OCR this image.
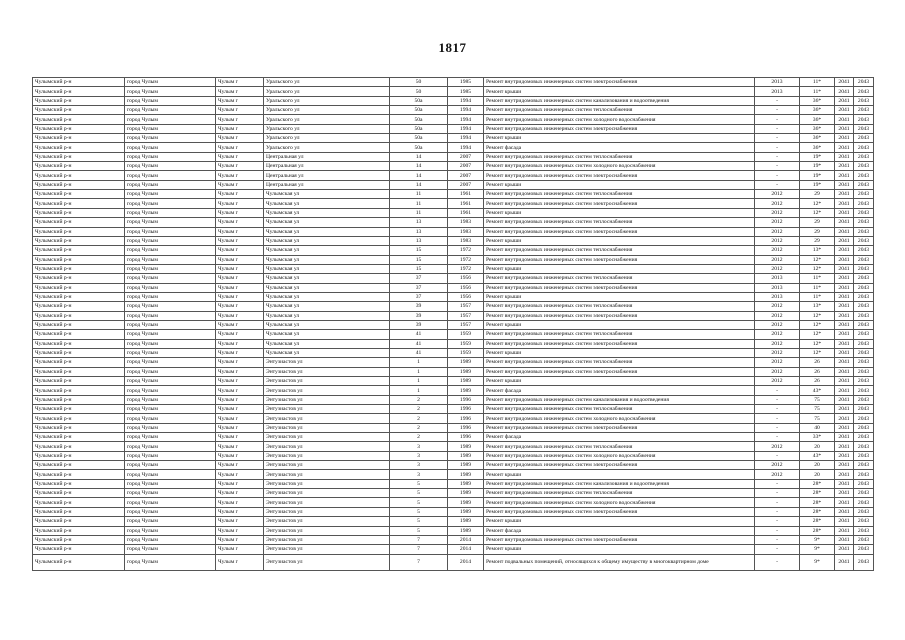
1817
Чулымский р-н	город Чулым	Чулым г	Уральского ул	50	1985	Ремонт внутридомовых инженерных систем электроснабжения	2013	11*	2041	2043
Чулымский р-н	город Чулым	Чулым г	Уральского ул	50	1985	Ремонт крыши	2013	11*	2041	2043
Чулымский р-н	город Чулым	Чулым г	Уральского ул	50а	1994	Ремонт внутридомовых инженерных систем канализования и водоотведения	-	36*	2041	2043
Чулымский р-н	город Чулым	Чулым г	Уральского ул	50а	1994	Ремонт внутридомовых инженерных систем теплоснабжения	-	36*	2041	2043
Чулымский р-н	город Чулым	Чулым г	Уральского ул	50а	1994	Ремонт внутридомовых инженерных систем холодного водоснабжения	-	36*	2041	2043
Чулымский р-н	город Чулым	Чулым г	Уральского ул	50а	1994	Ремонт внутридомовых инженерных систем электроснабжения	-	36*	2041	2043
Чулымский р-н	город Чулым	Чулым г	Уральского ул	50а	1994	Ремонт крыши	-	36*	2041	2043
Чулымский р-н	город Чулым	Чулым г	Уральского ул	50а	1994	Ремонт фасада	-	36*	2041	2043
Чулымский р-н	город Чулым	Чулым г	Центральная ул	14	2007	Ремонт внутридомовых инженерных систем теплоснабжения	-	19*	2041	2043
Чулымский р-н	город Чулым	Чулым г	Центральная ул	14	2007	Ремонт внутридомовых инженерных систем холодного водоснабжения	-	19*	2041	2043
Чулымский р-н	город Чулым	Чулым г	Центральная ул	14	2007	Ремонт внутридомовых инженерных систем электроснабжения	-	19*	2041	2043
Чулымский р-н	город Чулым	Чулым г	Центральная ул	14	2007	Ремонт крыши	-	19*	2041	2043
Чулымский р-н	город Чулым	Чулым г	Чулымская ул	11	1961	Ремонт внутридомовых инженерных систем теплоснабжения	2012	29	2041	2043
Чулымский р-н	город Чулым	Чулым г	Чулымская ул	11	1961	Ремонт внутридомовых инженерных систем электроснабжения	2012	12*	2041	2043
Чулымский р-н	город Чулым	Чулым г	Чулымская ул	11	1961	Ремонт крыши	2012	12*	2041	2043
Чулымский р-н	город Чулым	Чулым г	Чулымская ул	13	1983	Ремонт внутридомовых инженерных систем теплоснабжения	2012	29	2041	2043
Чулымский р-н	город Чулым	Чулым г	Чулымская ул	13	1983	Ремонт внутридомовых инженерных систем электроснабжения	2012	29	2041	2043
Чулымский р-н	город Чулым	Чулым г	Чулымская ул	13	1983	Ремонт крыши	2012	29	2041	2043
Чулымский р-н	город Чулым	Чулым г	Чулымская ул	15	1972	Ремонт внутридомовых инженерных систем теплоснабжения	2012	13*	2041	2043
Чулымский р-н	город Чулым	Чулым г	Чулымская ул	15	1972	Ремонт внутридомовых инженерных систем электроснабжения	2012	12*	2041	2043
Чулымский р-н	город Чулым	Чулым г	Чулымская ул	15	1972	Ремонт крыши	2012	12*	2041	2043
Чулымский р-н	город Чулым	Чулым г	Чулымская ул	37	1956	Ремонт внутридомовых инженерных систем теплоснабжения	2013	11*	2041	2043
Чулымский р-н	город Чулым	Чулым г	Чулымская ул	37	1956	Ремонт внутридомовых инженерных систем электроснабжения	2013	11*	2041	2043
Чулымский р-н	город Чулым	Чулым г	Чулымская ул	37	1956	Ремонт крыши	2013	11*	2041	2043
Чулымский р-н	город Чулым	Чулым г	Чулымская ул	39	1957	Ремонт внутридомовых инженерных систем теплоснабжения	2012	13*	2041	2043
Чулымский р-н	город Чулым	Чулым г	Чулымская ул	39	1957	Ремонт внутридомовых инженерных систем электроснабжения	2012	12*	2041	2043
Чулымский р-н	город Чулым	Чулым г	Чулымская ул	39	1957	Ремонт крыши	2012	12*	2041	2043
Чулымский р-н	город Чулым	Чулым г	Чулымская ул	41	1959	Ремонт внутридомовых инженерных систем теплоснабжения	2012	12*	2041	2043
Чулымский р-н	город Чулым	Чулым г	Чулымская ул	41	1959	Ремонт внутридомовых инженерных систем электроснабжения	2012	12*	2041	2043
Чулымский р-н	город Чулым	Чулым г	Чулымская ул	41	1959	Ремонт крыши	2012	12*	2041	2043
Чулымский р-н	город Чулым	Чулым г	Энтузиастов ул	1	1989	Ремонт внутридомовых инженерных систем теплоснабжения	2012	26	2041	2043
Чулымский р-н	город Чулым	Чулым г	Энтузиастов ул	1	1989	Ремонт внутридомовых инженерных систем электроснабжения	2012	26	2041	2043
Чулымский р-н	город Чулым	Чулым г	Энтузиастов ул	1	1989	Ремонт крыши	2012	26	2041	2043
Чулымский р-н	город Чулым	Чулым г	Энтузиастов ул	1	1989	Ремонт фасада	-	43*	2041	2043
Чулымский р-н	город Чулым	Чулым г	Энтузиастов ул	2	1996	Ремонт внутридомовых инженерных систем канализования и водоотведения	-	75	2041	2043
Чулымский р-н	город Чулым	Чулым г	Энтузиастов ул	2	1996	Ремонт внутридомовых инженерных систем теплоснабжения	-	75	2041	2043
Чулымский р-н	город Чулым	Чулым г	Энтузиастов ул	2	1996	Ремонт внутридомовых инженерных систем холодного водоснабжения	-	75	2041	2043
Чулымский р-н	город Чулым	Чулым г	Энтузиастов ул	2	1996	Ремонт внутридомовых инженерных систем электроснабжения	-	40	2041	2043
Чулымский р-н	город Чулым	Чулым г	Энтузиастов ул	2	1996	Ремонт фасада	-	33*	2041	2043
Чулымский р-н	город Чулым	Чулым г	Энтузиастов ул	3	1989	Ремонт внутридомовых инженерных систем теплоснабжения	2012	20	2041	2043
Чулымский р-н	город Чулым	Чулым г	Энтузиастов ул	3	1989	Ремонт внутридомовых инженерных систем холодного водоснабжения	-	43*	2041	2043
Чулымский р-н	город Чулым	Чулым г	Энтузиастов ул	3	1989	Ремонт внутридомовых инженерных систем электроснабжения	2012	20	2041	2043
Чулымский р-н	город Чулым	Чулым г	Энтузиастов ул	3	1989	Ремонт крыши	2012	20	2041	2043
Чулымский р-н	город Чулым	Чулым г	Энтузиастов ул	5	1989	Ремонт внутридомовых инженерных систем канализования и водоотведения	-	28*	2041	2043
Чулымский р-н	город Чулым	Чулым г	Энтузиастов ул	5	1989	Ремонт внутридомовых инженерных систем теплоснабжения	-	28*	2041	2043
Чулымский р-н	город Чулым	Чулым г	Энтузиастов ул	5	1989	Ремонт внутридомовых инженерных систем холодного водоснабжения	-	28*	2041	2043
Чулымский р-н	город Чулым	Чулым г	Энтузиастов ул	5	1989	Ремонт внутридомовых инженерных систем электроснабжения	-	28*	2041	2043
Чулымский р-н	город Чулым	Чулым г	Энтузиастов ул	5	1989	Ремонт крыши	-	28*	2041	2043
Чулымский р-н	город Чулым	Чулым г	Энтузиастов ул	5	1989	Ремонт фасада	-	28*	2041	2043
Чулымский р-н	город Чулым	Чулым г	Энтузиастов ул	7	2014	Ремонт внутридомовых инженерных систем электроснабжения	-	9*	2041	2043
Чулымский р-н	город Чулым	Чулым г	Энтузиастов ул	7	2014	Ремонт крыши	-	9*	2041	2043
Чулымский р-н	город Чулым	Чулым г	Энтузиастов ул	7	2014	Ремонт подвальных помещений, относящихся к общему имуществу в многоквартирном доме	-	9*	2041	2043
